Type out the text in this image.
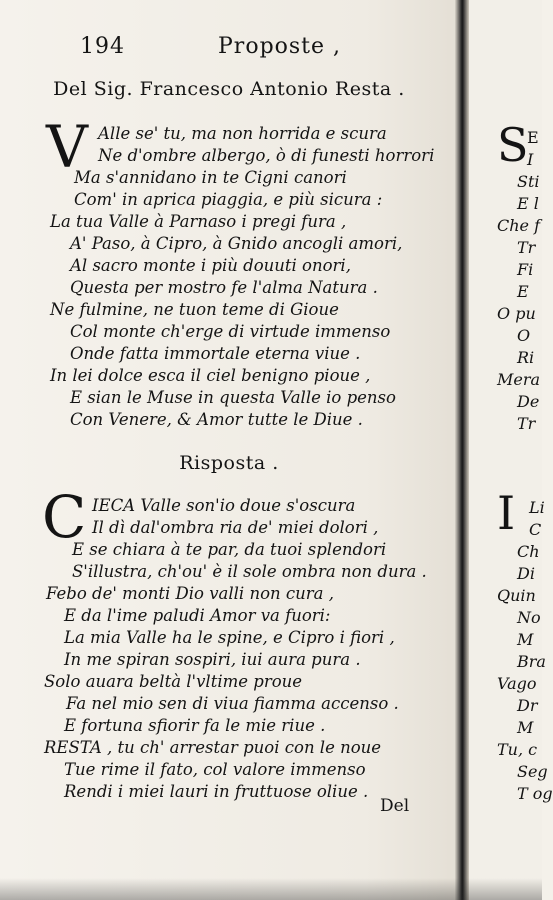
194	Proposte ,
Del Sig. Francesco Antonio Resta .
V Alle se' tu, ma non horrida e scura
Ne d'ombre albergo, ò di funesti horrori
Ma s'annidano in te Cigni canori
Com' in aprica piaggia, e più sicura :
La tua Valle à Parnaso i pregi fura ,
A' Paso, à Cipro, à Gnido ancogli amori,
Al sacro monte i più douuti onori,
Questa per mostro fe l'alma Natura .
Ne fulmine, ne tuon teme di Gioue
Col monte ch'erge di virtude immenso
Onde fatta immortale eterna viue .
In lei dolce esca il ciel benigno pioue ,
E sian le Muse in questa Valle io penso
Con Venere, & Amor tutte le Diue .
Risposta .
C IECA Valle son'io doue s'oscura
Il dì dal'ombra ria de' miei dolori ,
E se chiara à te par, da tuoi splendori
S'illustra, ch'ou' è il sole ombra non dura .
Febo de' monti Dio valli non cura ,
E da l'ime paludi Amor va fuori:
La mia Valle ha le spine, e Cipro i fiori ,
In me spiran sospiri, iui aura pura .
Solo auara beltà l'vltime proue
Fa nel mio sen di viua fiamma accenso .
E fortuna sfiorir fa le mie riue .
RESTA , tu ch' arrestar puoi con le noue
Tue rime il fato, col valore immenso
Rendi i miei lauri in fruttuose oliue .
Del
S
E
I
Sti
E l
Che f
Tr
Fi
E
O pu
O
Ri
Mera
De
Tr
I Li
C
Ch
Di
Quin
No
M
Bra
Vago
Dr
M
Tu, c
Seg
T og
